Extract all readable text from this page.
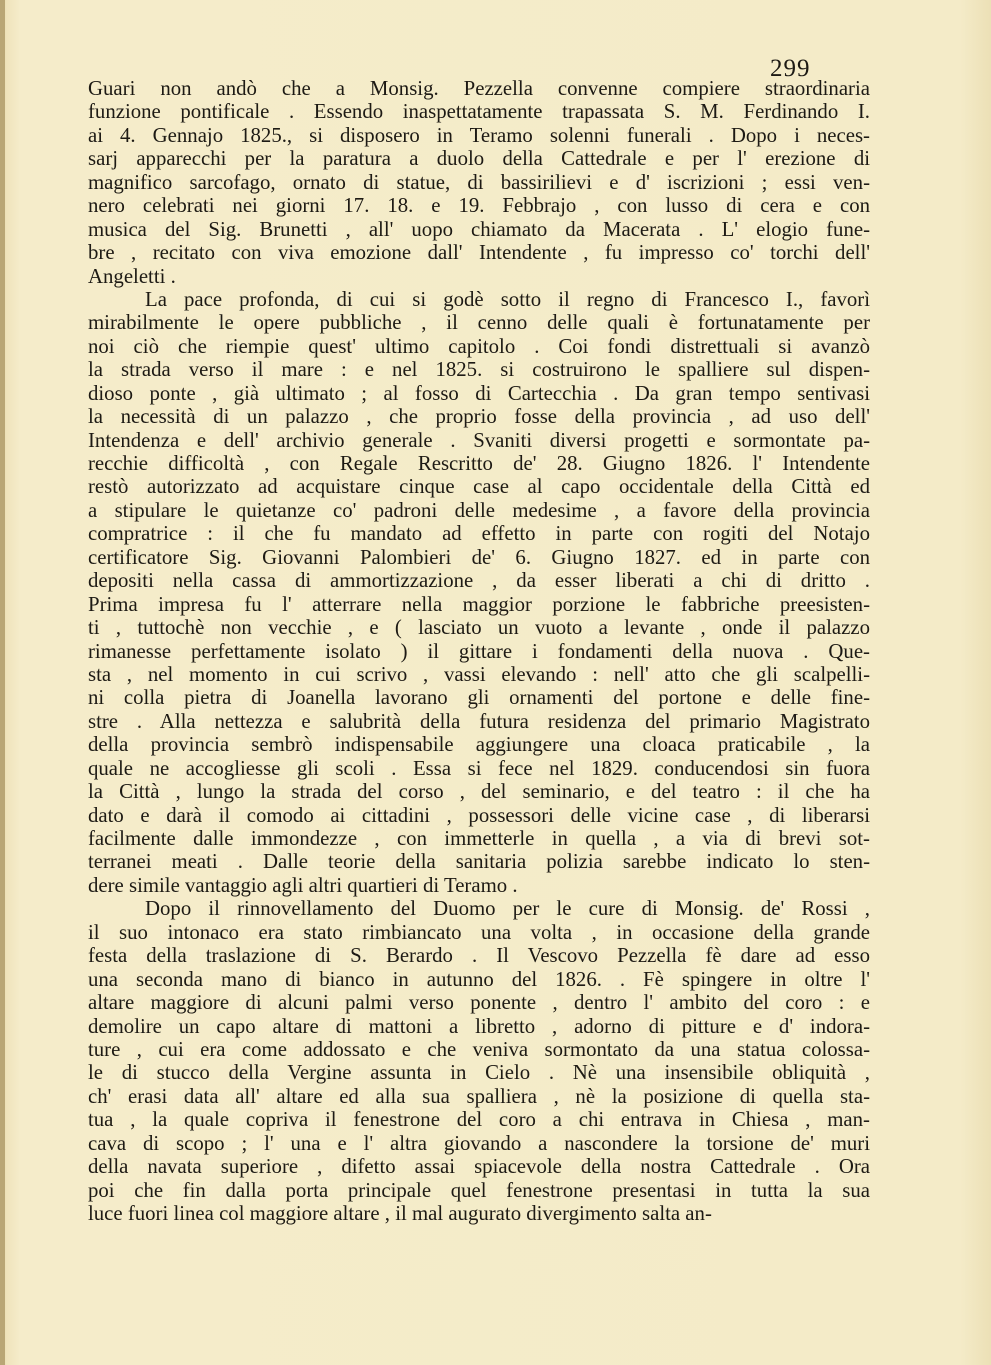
299
Guari non andò che a Monsig. Pezzella convenne compiere straordinaria
funzione pontificale . Essendo inaspettatamente trapassata S. M. Ferdinando I.
ai 4. Gennajo 1825., si disposero in Teramo solenni funerali . Dopo i neces-
sarj apparecchi per la paratura a duolo della Cattedrale e per l' erezione di
magnifico sarcofago, ornato di statue, di bassirilievi e d' iscrizioni ; essi ven-
nero celebrati nei giorni 17. 18. e 19. Febbrajo , con lusso di cera e con
musica del Sig. Brunetti , all' uopo chiamato da Macerata . L' elogio fune-
bre , recitato con viva emozione dall' Intendente , fu impresso co' torchi dell'
Angeletti .
La pace profonda, di cui si godè sotto il regno di Francesco I., favorì
mirabilmente le opere pubbliche , il cenno delle quali è fortunatamente per
noi ciò che riempie quest' ultimo capitolo . Coi fondi distrettuali si avanzò
la strada verso il mare : e nel 1825. si costruirono le spalliere sul dispen-
dioso ponte , già ultimato ; al fosso di Cartecchia . Da gran tempo sentivasi
la necessità di un palazzo , che proprio fosse della provincia , ad uso dell'
Intendenza e dell' archivio generale . Svaniti diversi progetti e sormontate pa-
recchie difficoltà , con Regale Rescritto de' 28. Giugno 1826. l' Intendente
restò autorizzato ad acquistare cinque case al capo occidentale della Città ed
a stipulare le quietanze co' padroni delle medesime , a favore della provincia
compratrice : il che fu mandato ad effetto in parte con rogiti del Notajo
certificatore Sig. Giovanni Palombieri de' 6. Giugno 1827. ed in parte con
depositi nella cassa di ammortizzazione , da esser liberati a chi di dritto .
Prima impresa fu l' atterrare nella maggior porzione le fabbriche preesisten-
ti , tuttochè non vecchie , e ( lasciato un vuoto a levante , onde il palazzo
rimanesse perfettamente isolato ) il gittare i fondamenti della nuova . Que-
sta , nel momento in cui scrivo , vassi elevando : nell' atto che gli scalpelli-
ni colla pietra di Joanella lavorano gli ornamenti del portone e delle fine-
stre . Alla nettezza e salubrità della futura residenza del primario Magistrato
della provincia sembrò indispensabile aggiungere una cloaca praticabile , la
quale ne accogliesse gli scoli . Essa si fece nel 1829. conducendosi sin fuora
la Città , lungo la strada del corso , del seminario, e del teatro : il che ha
dato e darà il comodo ai cittadini , possessori delle vicine case , di liberarsi
facilmente dalle immondezze , con immetterle in quella , a via di brevi sot-
terranei meati . Dalle teorie della sanitaria polizia sarebbe indicato lo sten-
dere simile vantaggio agli altri quartieri di Teramo .
Dopo il rinnovellamento del Duomo per le cure di Monsig. de' Rossi ,
il suo intonaco era stato rimbiancato una volta , in occasione della grande
festa della traslazione di S. Berardo . Il Vescovo Pezzella fè dare ad esso
una seconda mano di bianco in autunno del 1826. . Fè spingere in oltre l'
altare maggiore di alcuni palmi verso ponente , dentro l' ambito del coro : e
demolire un capo altare di mattoni a libretto , adorno di pitture e d' indora-
ture , cui era come addossato e che veniva sormontato da una statua colossa-
le di stucco della Vergine assunta in Cielo . Nè una insensibile obliquità ,
ch' erasi data all' altare ed alla sua spalliera , nè la posizione di quella sta-
tua , la quale copriva il fenestrone del coro a chi entrava in Chiesa , man-
cava di scopo ; l' una e l' altra giovando a nascondere la torsione de' muri
della navata superiore , difetto assai spiacevole della nostra Cattedrale . Ora
poi che fin dalla porta principale quel fenestrone presentasi in tutta la sua
luce fuori linea col maggiore altare , il mal augurato divergimento salta an-
